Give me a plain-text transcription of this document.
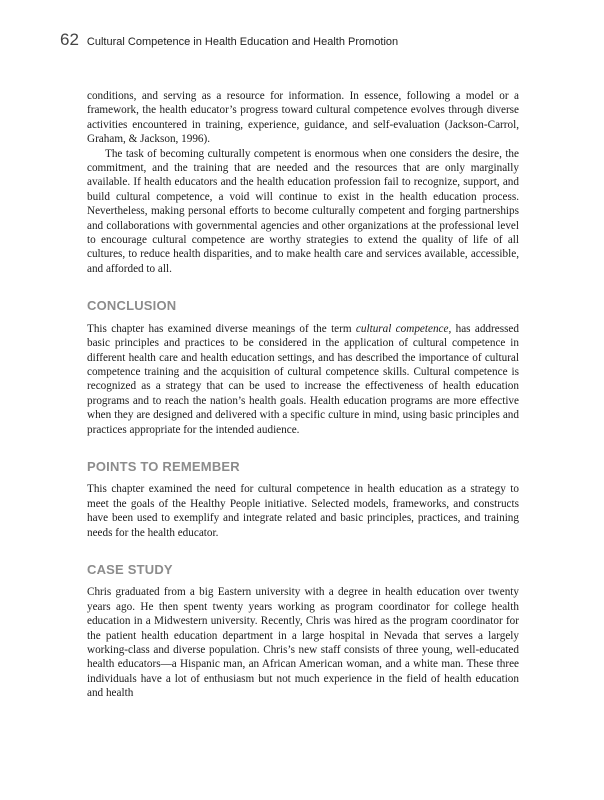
62 Cultural Competence in Health Education and Health Promotion

conditions, and serving as a resource for information. In essence, following a model or a framework, the health educator’s progress toward cultural competence evolves through diverse activities encountered in training, experience, guidance, and self-evaluation (Jackson-Carrol, Graham, & Jackson, 1996).

The task of becoming culturally competent is enormous when one considers the desire, the commitment, and the training that are needed and the resources that are only marginally available. If health educators and the health education profession fail to recognize, support, and build cultural competence, a void will continue to exist in the health education process. Nevertheless, making personal efforts to become culturally competent and forging partnerships and collaborations with governmental agencies and other organizations at the professional level to encourage cultural competence are worthy strategies to extend the quality of life of all cultures, to reduce health disparities, and to make health care and services available, accessible, and afforded to all.

CONCLUSION

This chapter has examined diverse meanings of the term cultural competence, has addressed basic principles and practices to be considered in the application of cultural competence in different health care and health education settings, and has described the importance of cultural competence training and the acquisition of cultural competence skills. Cultural competence is recognized as a strategy that can be used to increase the effectiveness of health education programs and to reach the nation’s health goals. Health education programs are more effective when they are designed and delivered with a specific culture in mind, using basic principles and practices appropriate for the intended audience.

POINTS TO REMEMBER

This chapter examined the need for cultural competence in health education as a strategy to meet the goals of the Healthy People initiative. Selected models, frameworks, and constructs have been used to exemplify and integrate related and basic principles, practices, and training needs for the health educator.

CASE STUDY

Chris graduated from a big Eastern university with a degree in health education over twenty years ago. He then spent twenty years working as program coordinator for college health education in a Midwestern university. Recently, Chris was hired as the program coordinator for the patient health education department in a large hospital in Nevada that serves a largely working-class and diverse population. Chris’s new staff consists of three young, well-educated health educators—a Hispanic man, an African American woman, and a white man. These three individuals have a lot of enthusiasm but not much experience in the field of health education and health
